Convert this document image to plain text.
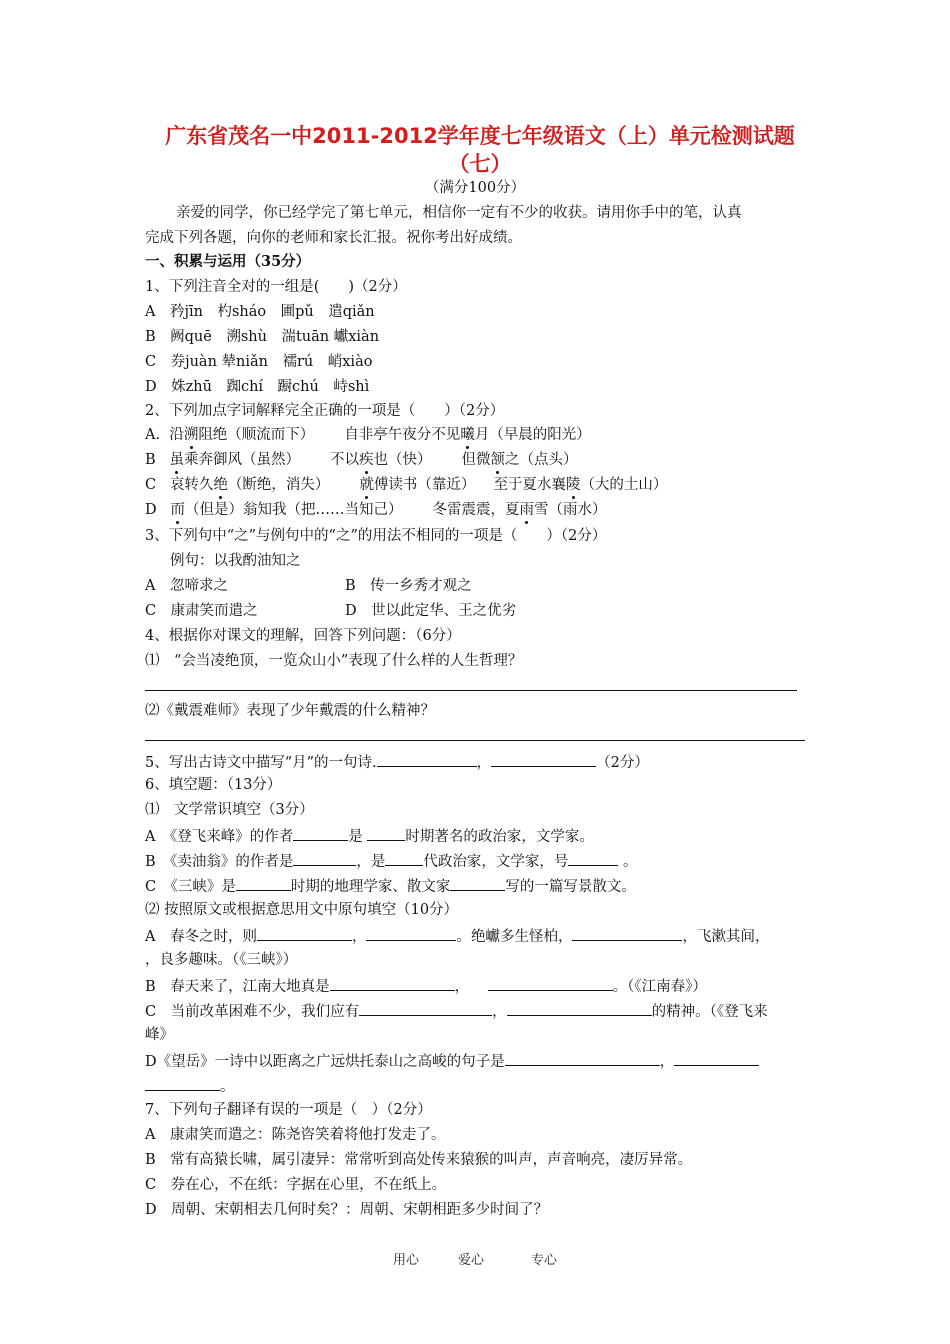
广东省茂名一中2011-2012学年度七年级语文（上）单元检测试题
（七）
（满分100分）
亲爱的同学，你已经学完了第七单元，相信你一定有不少的收获。请用你手中的笔，认真
完成下列各题，向你的老师和家长汇报。祝你考出好成绩。
一、积累与运用（35分）
1、下列注音全对的一组是(　　)（2分）
A　矜jīn　杓sháo　圃pǔ　遣qiǎn
B　阙quē　溯shù　湍tuān 巘xiàn
C　券juàn 辇niǎn　襦rú　峭xiào
D　姝zhū　踟chí　蹰chú　峙shì
2、下列加点字词解释完全正确的一项是（　　）（2分）
A. 沿溯阻绝（顺流而下） 自非亭午夜分不见曦月（早晨的阳光）
B 虽乘奔御风（虽然） 不以疾也（快） 但微颔之（点头）
C 哀转久绝（断绝，消失） 就傅读书（靠近） 至于夏水襄陵（大的土山）
D 而（但是）翁知我（把……当知己） 冬雷震震，夏雨雪（雨水）
3、下列句中“之”与例句中的“之”的用法不相同的一项是（　　）（2分）
例句：以我酌油知之
A　忽啼求之	B　传一乡秀才观之
C　康肃笑而遣之	D　世以此定华、王之优劣
4、根据你对课文的理解，回答下列问题：（6分）
⑴　“会当凌绝顶，一览众山小”表现了什么样的人生哲理？
⑵《戴震难师》表现了少年戴震的什么精神？
5、写出古诗文中描写“月”的一句诗.	，	（2分）
6、填空题：（13分）
⑴　文学常识填空（3分）
A　《登飞来峰》的作者	是	时期著名的政治家，文学家。
B　《卖油翁》的作者是	，是	代政治家，文学家，号	。
C　《三峡》是	时期的地理学家、散文家	写的一篇写景散文。
⑵ 按照原文或根据意思用文中原句填空（10分）
A　春冬之时，则	，	。绝巘多生怪柏，	，飞漱其间，
，良多趣味。（《三峡》）
B　春天来了，江南大地真是	，	。（《江南春》）
C　当前改革困难不少，我们应有	，	的精神。（《登飞来
峰》
D《望岳》一诗中以距离之广远烘托泰山之高峻的句子是	，
。
7、下列句子翻译有误的一项是（　）（2分）
A　康肃笑而遣之：陈尧咨笑着将他打发走了。
B　常有高猿长啸，属引凄异：常常听到高处传来猿猴的叫声，声音响亮，凄厉异常。
C　券在心，不在纸：字据在心里，不在纸上。
D　周朝、宋朝相去几何时矣？：周朝、宋朝相距多少时间了？
用心	爱心	专心
